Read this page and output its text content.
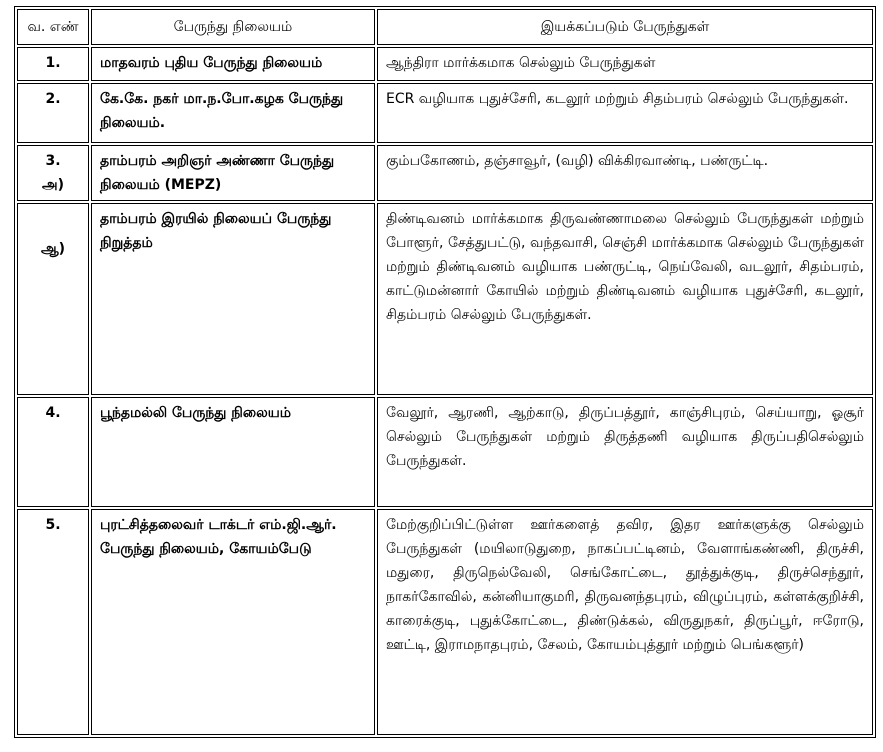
வ. எண்	பேருந்து நிலையம்	இயக்கப்படும் பேருந்துகள்
1.	மாதவரம் புதிய பேருந்து நிலையம்	ஆந்திரா மார்க்கமாக செல்லும் பேருந்துகள்
2.	கே.கே. நகர் மா.ந.போ.கழக பேருந்து நிலையம்.	ECR வழியாக புதுச்சேரி, கடலூர் மற்றும் சிதம்பரம் செல்லும் பேருந்துகள்.

3.
அ)	தாம்பரம் அறிஞர் அண்ணா பேருந்து நிலையம் (MEPZ)	கும்பகோணம், தஞ்சாவூர், (வழி) விக்கிரவாண்டி, பண்ருட்டி.

ஆ)	தாம்பரம் இரயில் நிலையப் பேருந்து நிறுத்தம்	திண்டிவனம் மார்க்கமாக திருவண்ணாமலை செல்லும் பேருந்துகள் மற்றும் போளூர், சேத்துபட்டு, வந்தவாசி, செஞ்சி மார்க்கமாக செல்லும் பேருந்துகள் மற்றும் திண்டிவனம் வழியாக பண்ருட்டி, நெய்வேலி, வடலூர், சிதம்பரம், காட்டுமன்னார் கோயில் மற்றும் திண்டிவனம் வழியாக புதுச்சேரி, கடலூர், சிதம்பரம் செல்லும் பேருந்துகள்.
4.	பூந்தமல்லி பேருந்து நிலையம்	வேலூர், ஆரணி, ஆற்காடு, திருப்பத்தூர், காஞ்சிபுரம், செய்யாறு, ஓசூர் செல்லும் பேருந்துகள் மற்றும் திருத்தணி வழியாக திருப்பதிசெல்லும் பேருந்துகள்.
5.	புரட்சித்தலைவர் டாக்டர் எம்.ஜி.ஆர். பேருந்து நிலையம், கோயம்பேடு	மேற்குறிப்பிட்டுள்ள ஊர்களைத் தவிர, இதர ஊர்களுக்கு செல்லும் பேருந்துகள் (மயிலாடுதுறை, நாகப்பட்டினம், வேளாங்கண்ணி, திருச்சி, மதுரை, திருநெல்வேலி, செங்கோட்டை, தூத்துக்குடி, திருச்செந்தூர், நாகர்கோவில், கன்னியாகுமரி, திருவனந்தபுரம், விழுப்புரம், கள்ளக்குறிச்சி, காரைக்குடி, புதுக்கோட்டை, திண்டுக்கல், விருதுநகர், திருப்பூர், ஈரோடு, ஊட்டி, இராமநாதபுரம், சேலம், கோயம்புத்தூர் மற்றும் பெங்களூர்)
